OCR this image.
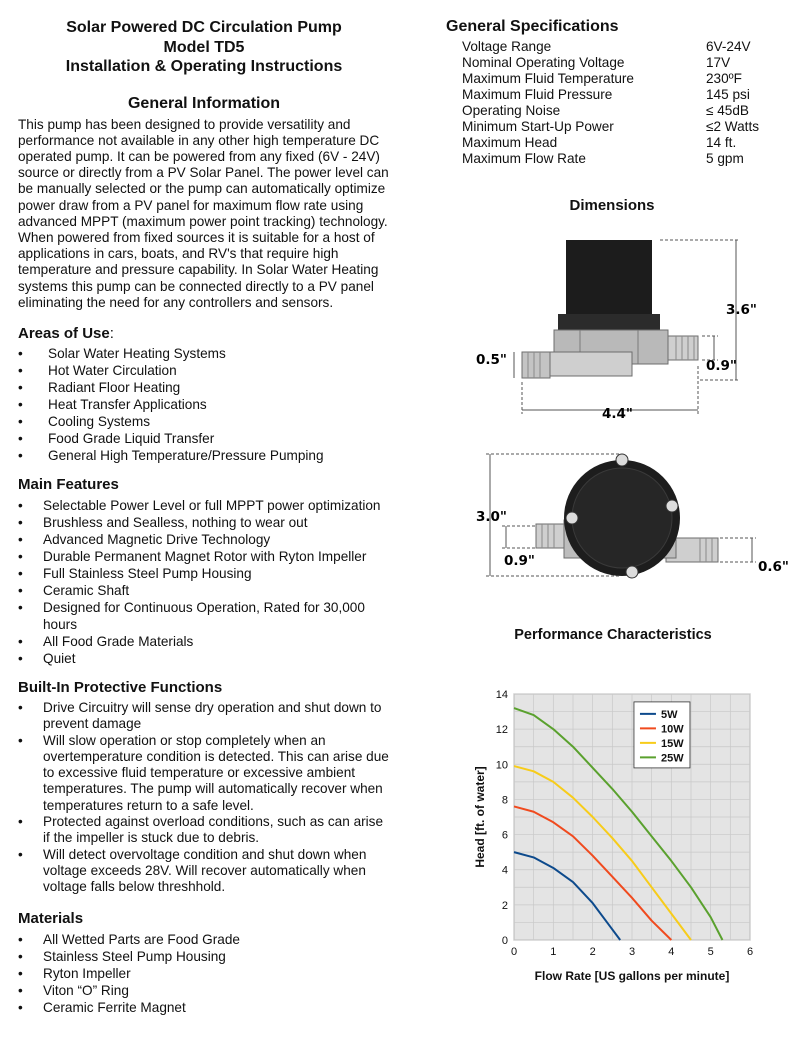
Solar Powered DC Circulation Pump
Model TD5
Installation & Operating Instructions
General Information

This pump has been designed to provide versatility and performance not available in any other high temperature DC operated pump. It can be powered from any fixed (6V - 24V) source or directly from a PV Solar Panel. The power level can be manually selected or the pump can automatically optimize power draw from a PV panel for maximum flow rate using advanced MPPT (maximum power point tracking) technology.

When powered from fixed sources it is suitable for a host of applications in cars, boats, and RV's that require high temperature and pressure capability. In Solar Water Heating systems this pump can be connected directly to a PV panel eliminating the need for any controllers and sensors.

Areas of Use:
• Solar Water Heating Systems
• Hot Water Circulation
• Radiant Floor Heating
• Heat Transfer Applications
• Cooling Systems
• Food Grade Liquid Transfer
• General High Temperature/Pressure Pumping
Main Features
• Selectable Power Level or full MPPT power optimization
• Brushless and Sealless, nothing to wear out
• Advanced Magnetic Drive Technology
• Durable Permanent Magnet Rotor with Ryton Impeller
• Full Stainless Steel Pump Housing
• Ceramic Shaft
• Designed for Continuous Operation, Rated for 30,000 hours
• All Food Grade Materials
• Quiet
Built-In Protective Functions
• Drive Circuitry will sense dry operation and shut down to prevent damage
• Will slow operation or stop completely when an overtemperature condition is detected. This can arise due to excessive fluid temperature or excessive ambient temperatures. The pump will automatically recover when temperatures return to a safe level.
• Protected against overload conditions, such as can arise if the impeller is stuck due to debris.
• Will detect overvoltage condition and shut down when voltage exceeds 28V. Will recover automatically when voltage falls below threshhold.
Materials
• All Wetted Parts are Food Grade
• Stainless Steel Pump Housing
• Ryton Impeller
• Viton “O” Ring
• Ceramic Ferrite Magnet
General Specifications
Voltage Range	6V-24V
Nominal Operating Voltage	17V
Maximum Fluid Temperature	230ºF
Maximum Fluid Pressure	145 psi
Operating Noise	≤ 45dB
Minimum Start-Up Power	≤2 Watts
Maximum Head	14 ft.
Maximum Flow Rate	5 gpm
Dimensions
3.6"
0.9"
0.5"
4.4"
3.0"
0.9"	0.6"
Performance Characteristics
0	1	2	3	4	5	6
0
2
4
6
8
10
12
14
5W
10W
15W
25W
Flow Rate [US gallons per minute]
Head [ft. of water]
